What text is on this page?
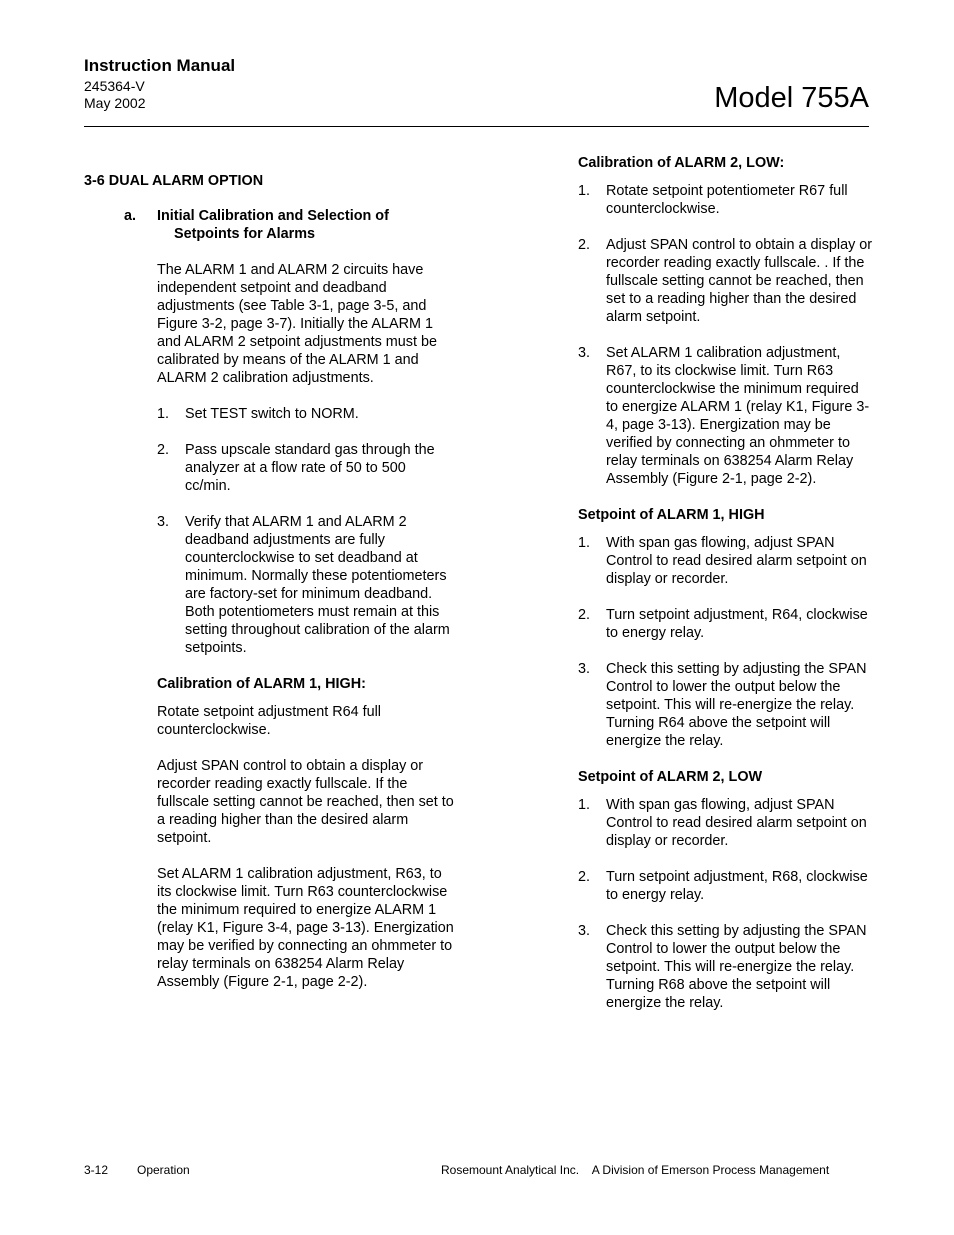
Instruction Manual
245364-V
May 2002	Model 755A
3-6 DUAL ALARM OPTION
a. Initial Calibration and Selection of
Setpoints for Alarms

The ALARM 1 and ALARM 2 circuits have independent setpoint and deadband adjustments (see Table 3-1, page 3-5, and Figure 3-2, page 3-7). Initially the ALARM 1 and ALARM 2 setpoint adjustments must be calibrated by means of the ALARM 1 and ALARM 2 calibration adjustments.

1. Set TEST switch to NORM.
2. Pass upscale standard gas through the analyzer at a flow rate of 50 to 500 cc/min.
3. Verify that ALARM 1 and ALARM 2 deadband adjustments are fully counterclockwise to set deadband at minimum. Normally these potentiometers are factory-set for minimum deadband. Both potentiometers must remain at this setting throughout calibration of the alarm setpoints.
Calibration of ALARM 1, HIGH:

Rotate setpoint adjustment R64 full counterclockwise.

Adjust SPAN control to obtain a display or recorder reading exactly fullscale. If the fullscale setting cannot be reached, then set to a reading higher than the desired alarm setpoint.

Set ALARM 1 calibration adjustment, R63, to its clockwise limit. Turn R63 counterclockwise the minimum required to energize ALARM 1 (relay K1, Figure 3-4, page 3-13). Energization may be verified by connecting an ohmmeter to relay terminals on 638254 Alarm Relay Assembly (Figure 2-1, page 2-2).

Calibration of ALARM 2, LOW:
1. Rotate setpoint potentiometer R67 full counterclockwise.
2. Adjust SPAN control to obtain a display or recorder reading exactly fullscale. . If the fullscale setting cannot be reached, then set to a reading higher than the desired alarm setpoint.
3. Set ALARM 1 calibration adjustment, R67, to its clockwise limit. Turn R63 counterclockwise the minimum required to energize ALARM 1 (relay K1, Figure 3-4, page 3-13). Energization may be verified by connecting an ohmmeter to relay terminals on 638254 Alarm Relay Assembly (Figure 2-1, page 2-2).
Setpoint of ALARM 1, HIGH
1. With span gas flowing, adjust SPAN Control to read desired alarm setpoint on display or recorder.
2. Turn setpoint adjustment, R64, clockwise to energy relay.
3. Check this setting by adjusting the SPAN Control to lower the output below the setpoint. This will re-energize the relay. Turning R64 above the setpoint will energize the relay.
Setpoint of ALARM 2, LOW
1. With span gas flowing, adjust SPAN Control to read desired alarm setpoint on display or recorder.
2. Turn setpoint adjustment, R68, clockwise to energy relay.
3. Check this setting by adjusting the SPAN Control to lower the output below the setpoint. This will re-energize the relay. Turning R68 above the setpoint will energize the relay.
3-12 Operation	Rosemount Analytical Inc.    A Division of Emerson Process Management
